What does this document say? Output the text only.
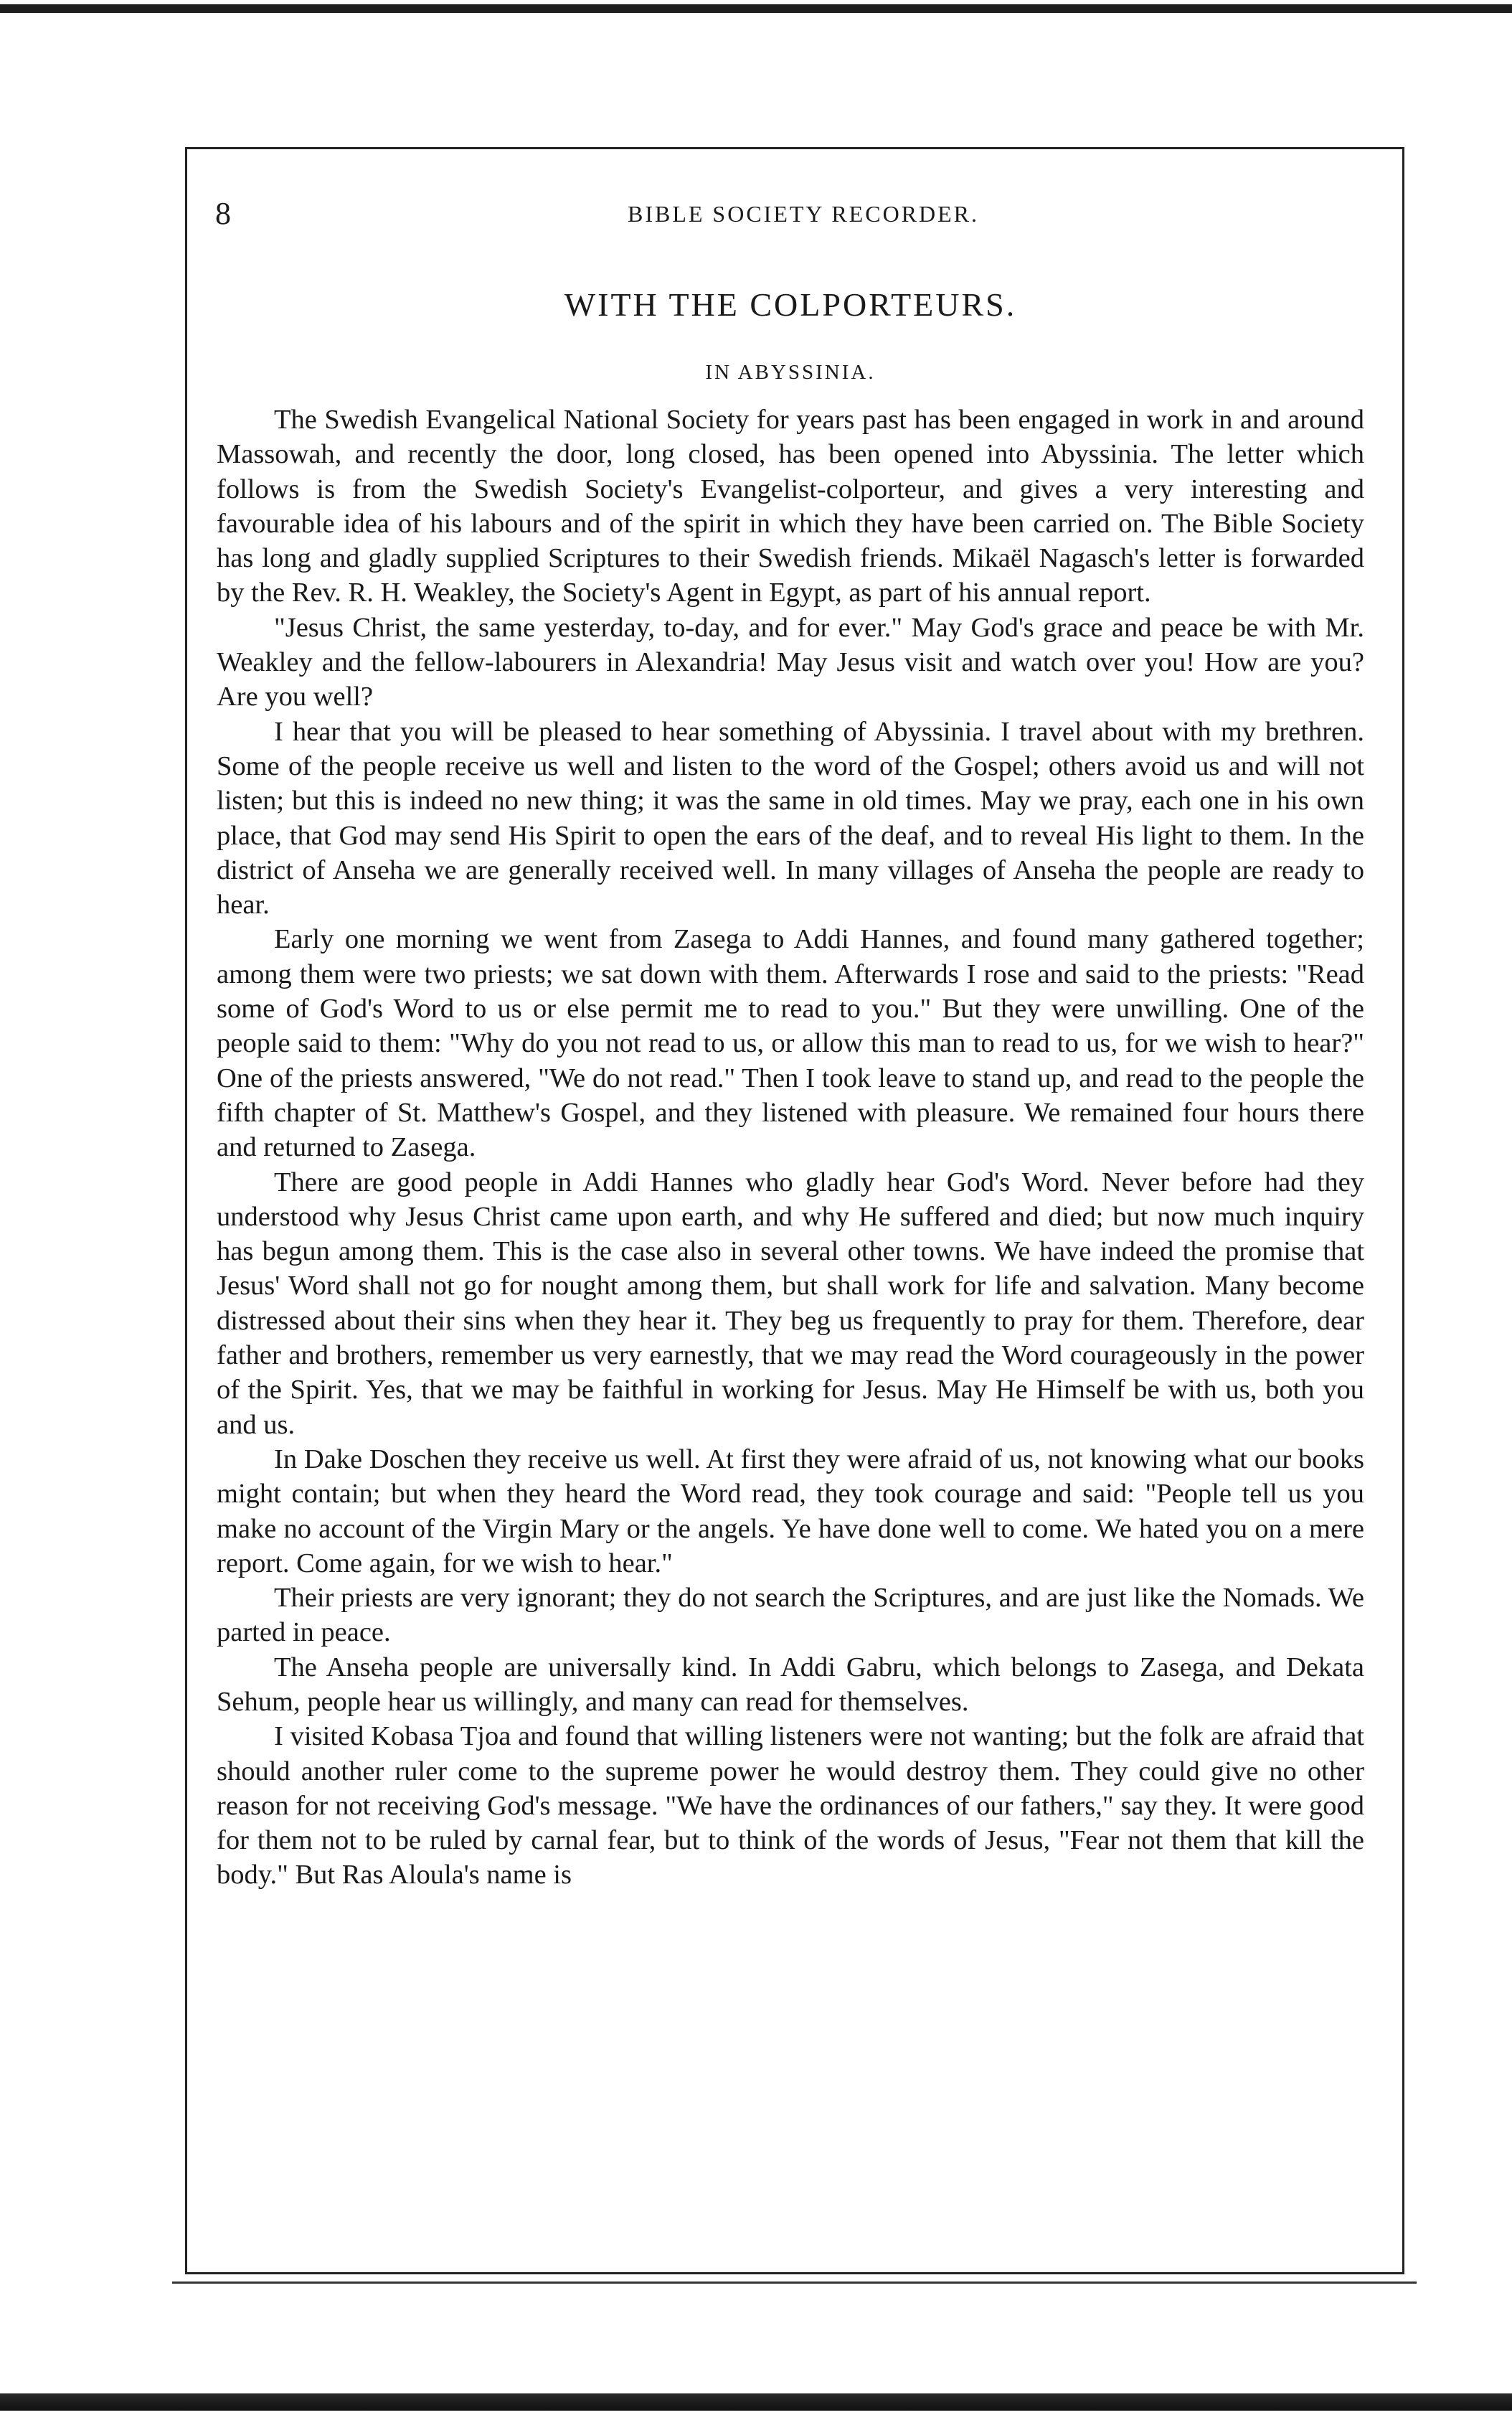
8	BIBLE SOCIETY RECORDER.
WITH THE COLPORTEURS.
IN ABYSSINIA.

The Swedish Evangelical National Society for years past has been engaged in work in and around Massowah, and recently the door, long closed, has been opened into Abyssinia. The letter which follows is from the Swedish Society's Evangelist-colporteur, and gives a very interesting and favourable idea of his labours and of the spirit in which they have been carried on. The Bible Society has long and gladly supplied Scriptures to their Swedish friends. Mikaël Nagasch's letter is forwarded by the Rev. R. H. Weakley, the Society's Agent in Egypt, as part of his annual report.

"Jesus Christ, the same yesterday, to-day, and for ever." May God's grace and peace be with Mr. Weakley and the fellow-labourers in Alexandria! May Jesus visit and watch over you! How are you? Are you well?

I hear that you will be pleased to hear something of Abyssinia. I travel about with my brethren. Some of the people receive us well and listen to the word of the Gospel; others avoid us and will not listen; but this is indeed no new thing; it was the same in old times. May we pray, each one in his own place, that God may send His Spirit to open the ears of the deaf, and to reveal His light to them. In the district of Anseha we are generally received well. In many villages of Anseha the people are ready to hear.

Early one morning we went from Zasega to Addi Hannes, and found many gathered together; among them were two priests; we sat down with them. Afterwards I rose and said to the priests: "Read some of God's Word to us or else permit me to read to you." But they were unwilling. One of the people said to them: "Why do you not read to us, or allow this man to read to us, for we wish to hear?" One of the priests answered, "We do not read." Then I took leave to stand up, and read to the people the fifth chapter of St. Matthew's Gospel, and they listened with pleasure. We remained four hours there and returned to Zasega.

There are good people in Addi Hannes who gladly hear God's Word. Never before had they understood why Jesus Christ came upon earth, and why He suffered and died; but now much inquiry has begun among them. This is the case also in several other towns. We have indeed the promise that Jesus' Word shall not go for nought among them, but shall work for life and salvation. Many become distressed about their sins when they hear it. They beg us frequently to pray for them. Therefore, dear father and brothers, remember us very earnestly, that we may read the Word courageously in the power of the Spirit. Yes, that we may be faithful in working for Jesus. May He Himself be with us, both you and us.

In Dake Doschen they receive us well. At first they were afraid of us, not knowing what our books might contain; but when they heard the Word read, they took courage and said: "People tell us you make no account of the Virgin Mary or the angels. Ye have done well to come. We hated you on a mere report. Come again, for we wish to hear."

Their priests are very ignorant; they do not search the Scriptures, and are just like the Nomads. We parted in peace.

The Anseha people are universally kind. In Addi Gabru, which belongs to Zasega, and Dekata Sehum, people hear us willingly, and many can read for themselves.

I visited Kobasa Tjoa and found that willing listeners were not wanting; but the folk are afraid that should another ruler come to the supreme power he would destroy them. They could give no other reason for not receiving God's message. "We have the ordinances of our fathers," say they. It were good for them not to be ruled by carnal fear, but to think of the words of Jesus, "Fear not them that kill the body." But Ras Aloula's name is
